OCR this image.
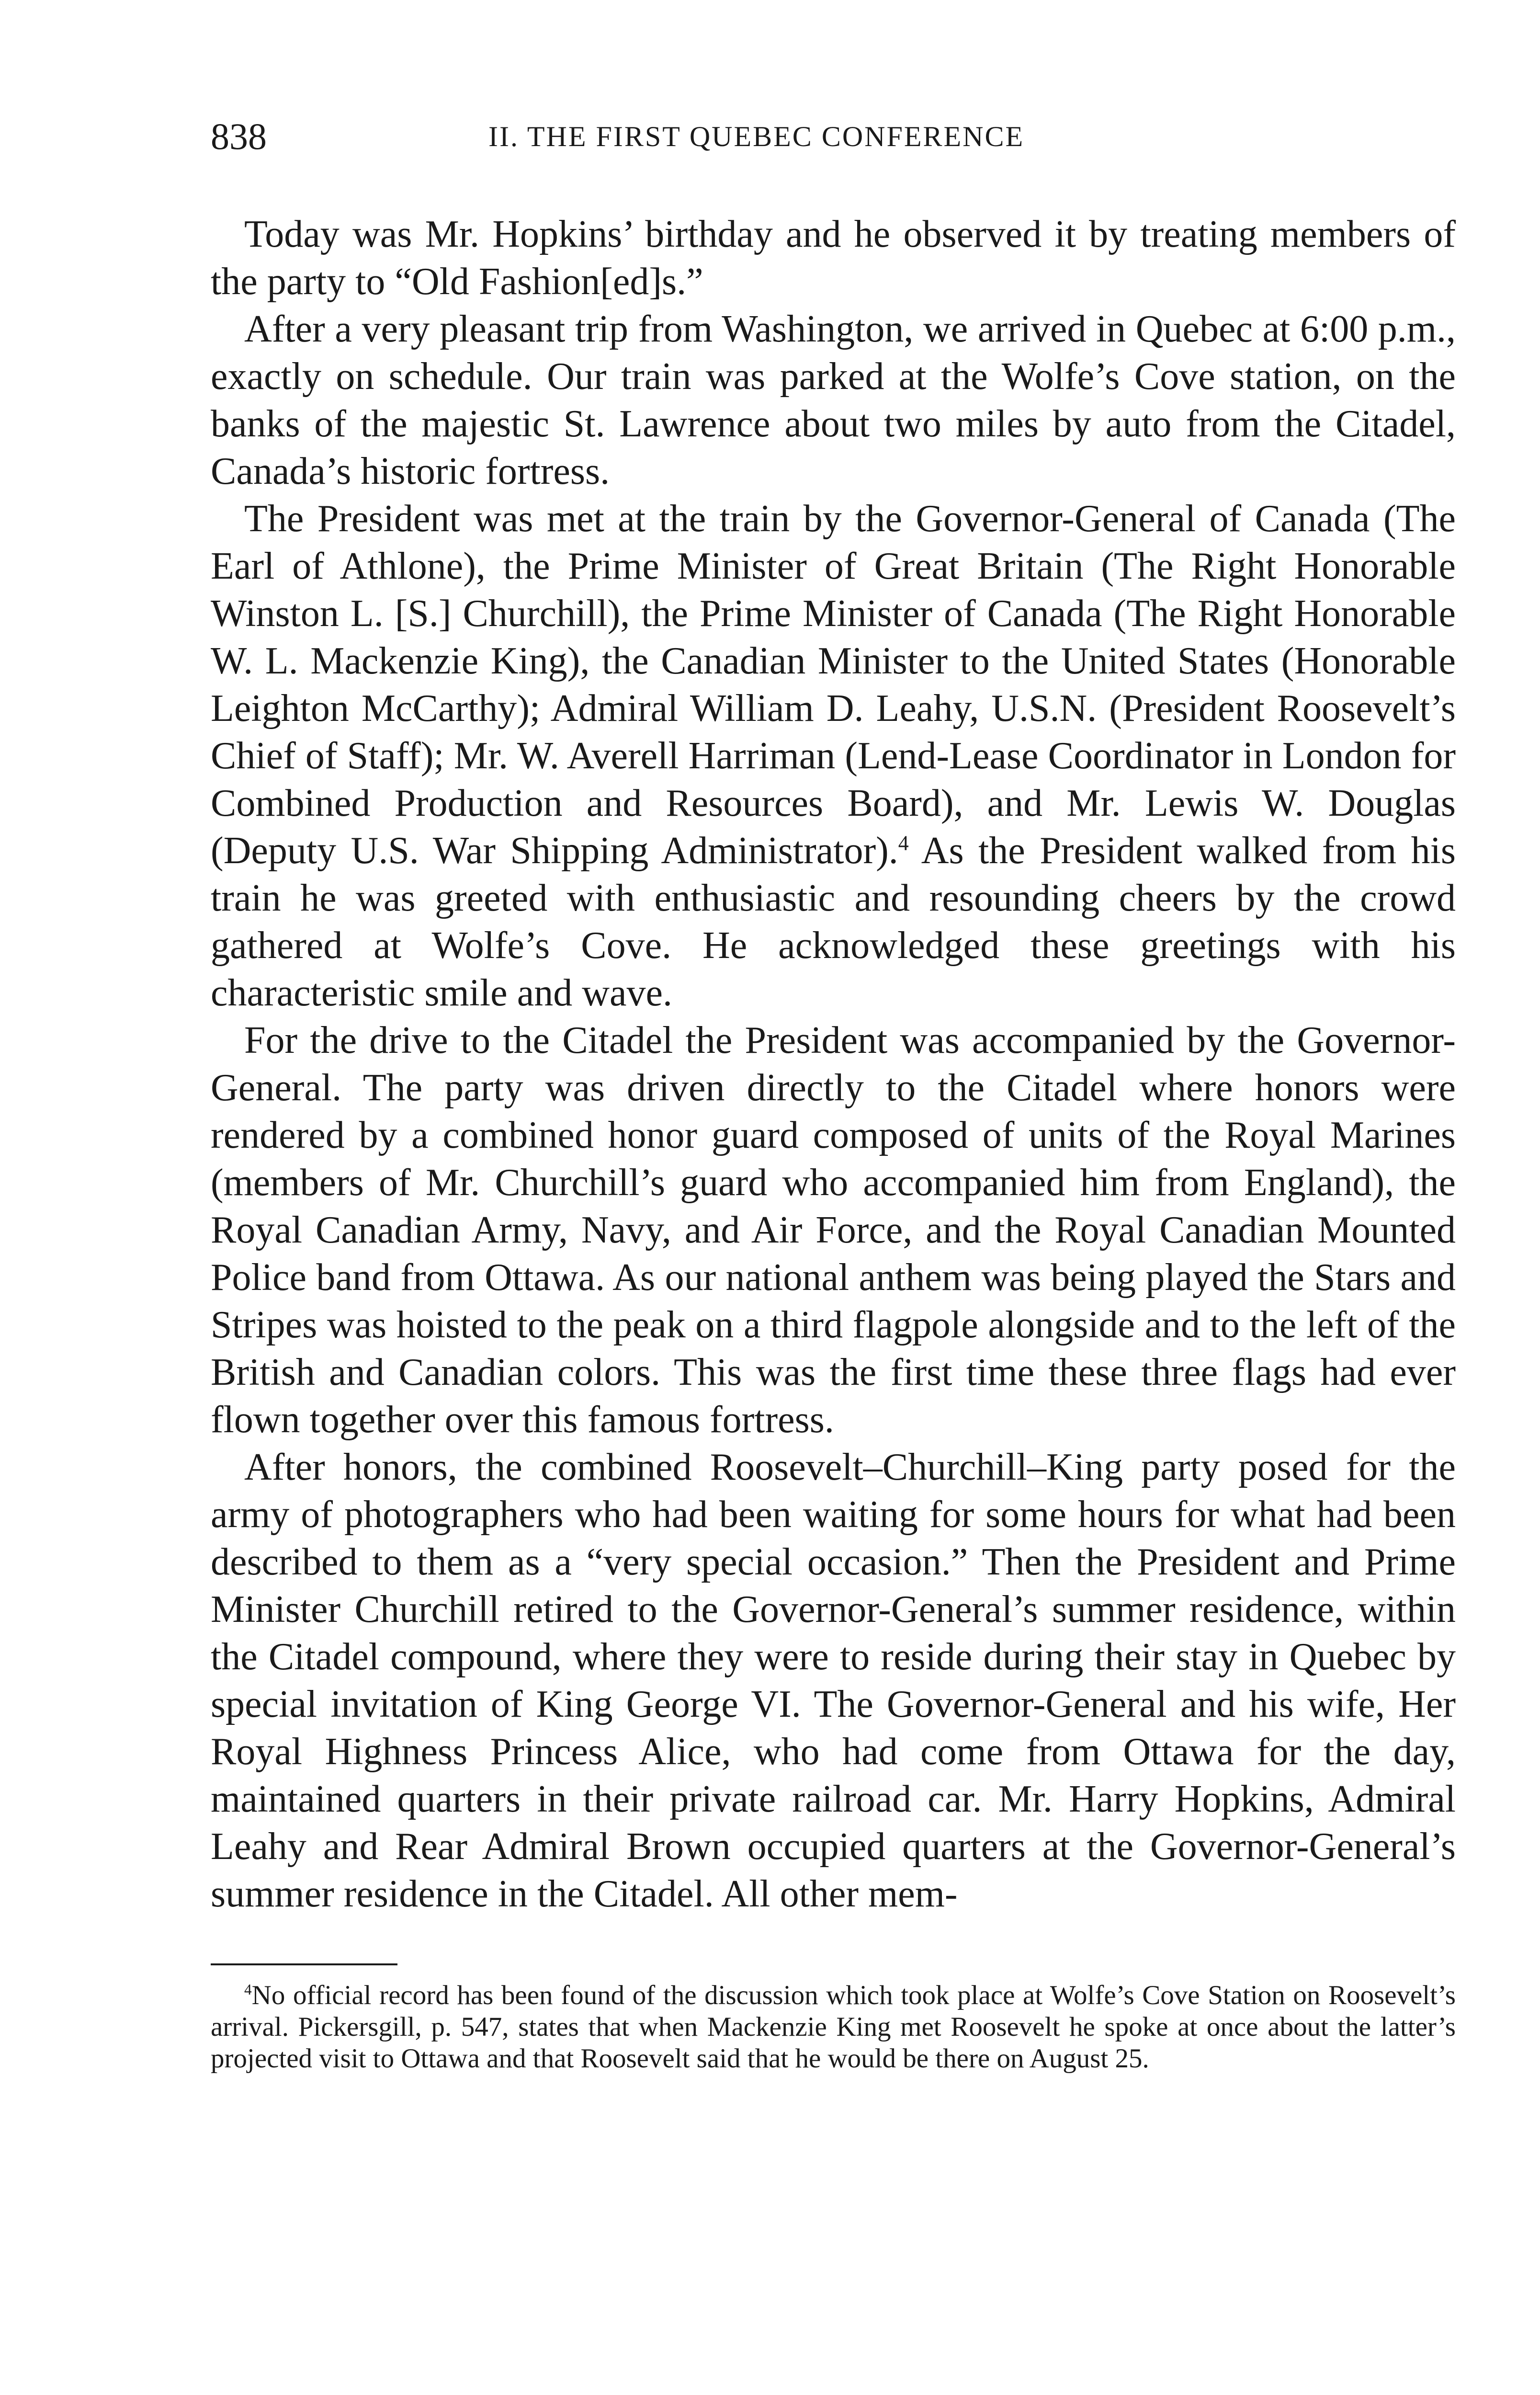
838	II. THE FIRST QUEBEC CONFERENCE

Today was Mr. Hopkins’ birthday and he observed it by treating members of the party to “Old Fashion[ed]s.”

After a very pleasant trip from Washington, we arrived in Quebec at 6:00 p.m., exactly on schedule. Our train was parked at the Wolfe’s Cove station, on the banks of the majestic St. Lawrence about two miles by auto from the Citadel, Canada’s historic fortress.

The President was met at the train by the Governor-General of Canada (The Earl of Athlone), the Prime Minister of Great Britain (The Right Honorable Winston L. [S.] Churchill), the Prime Minister of Canada (The Right Honorable W. L. Mackenzie King), the Canadian Minister to the United States (Honorable Leighton McCarthy); Admiral William D. Leahy, U.S.N. (President Roosevelt’s Chief of Staff); Mr. W. Averell Harriman (Lend-Lease Coordinator in London for Combined Production and Resources Board), and Mr. Lewis W. Douglas (Deputy U.S. War Shipping Administrator).$^4$ As the President walked from his train he was greeted with enthusiastic and resounding cheers by the crowd gathered at Wolfe’s Cove. He acknowledged these greetings with his characteristic smile and wave.

For the drive to the Citadel the President was accompanied by the Governor-General. The party was driven directly to the Citadel where honors were rendered by a combined honor guard composed of units of the Royal Marines (members of Mr. Churchill’s guard who accompanied him from England), the Royal Canadian Army, Navy, and Air Force, and the Royal Canadian Mounted Police band from Ottawa. As our national anthem was being played the Stars and Stripes was hoisted to the peak on a third flagpole alongside and to the left of the British and Canadian colors. This was the first time these three flags had ever flown together over this famous fortress.

After honors, the combined Roosevelt–Churchill–King party posed for the army of photographers who had been waiting for some hours for what had been described to them as a “very special occasion.” Then the President and Prime Minister Churchill retired to the Governor-General’s summer residence, within the Citadel compound, where they were to reside during their stay in Quebec by special invitation of King George VI. The Governor-General and his wife, Her Royal Highness Princess Alice, who had come from Ottawa for the day, maintained quarters in their private railroad car. Mr. Harry Hopkins, Admiral Leahy and Rear Admiral Brown occupied quarters at the Governor-General’s summer residence in the Citadel. All other mem-

$^4$No official record has been found of the discussion which took place at Wolfe’s Cove Station on Roosevelt’s arrival. Pickersgill, p. 547, states that when Mackenzie King met Roosevelt he spoke at once about the latter’s projected visit to Ottawa and that Roosevelt said that he would be there on August 25.
